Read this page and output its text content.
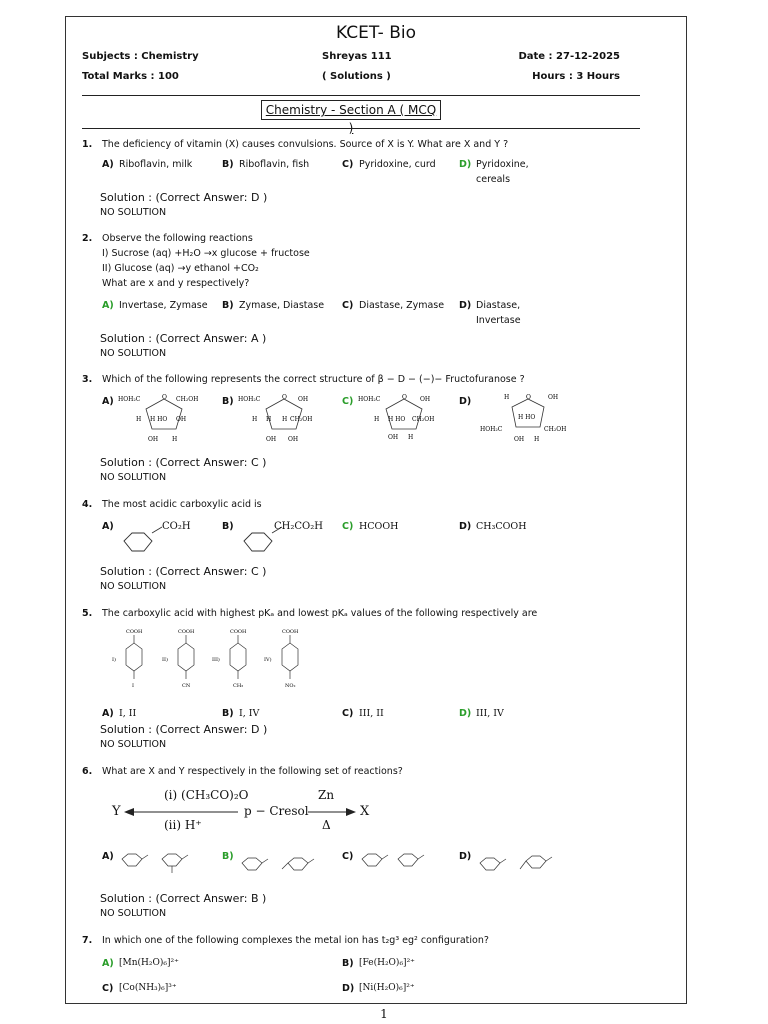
KCET- Bio
Subjects : Chemistry	Shreyas 111	Date : 27-12-2025
Total Marks : 100	( Solutions )	Hours : 3 Hours
Chemistry - Section A ( MCQ )
1. The deficiency of vitamin (X) causes convulsions. Source of X is Y. What are X and Y ?
A) Riboflavin, milk	B) Riboflavin, fish	C) Pyridoxine, curd D) Pyridoxine, cereals
Solution : (Correct Answer: D )
NO SOLUTION
2. Observe the following reactions
I) Sucrose (aq) +H₂O →x glucose + fructose
II) Glucose (aq) →y ethanol +CO₂
What are x and y respectively?
A) Invertase, Zymase B) Zymase, Diastase C) Diastase, Zymase D) Diastase, Invertase
Solution : (Correct Answer: A )
NO SOLUTION
3. Which of the following represents the correct structure of β − D − (−)− Fructofuranose ?
A)	B)	C)	D)
HOH₂C	O CH₂OH
H H HO OH
OH H
HOH₂C	O OH
H H H CH₂OH
OH OH
HOH₂C	O OH
H H HO CH₂OH
OH H
H	O	OH
H HO
HOH₂C	CH₂OH
OH H
Solution : (Correct Answer: C )
NO SOLUTION
4. The most acidic carboxylic acid is
A)	CO₂H	B)	CH₂CO₂H C) HCOOH	D) CH₃COOH
Solution : (Correct Answer: C )
NO SOLUTION
5. The carboxylic acid with highest pKₐ and lowest pKₐ values of the following respectively are
COOH
I)
I
COOH
II)
CN
COOH
III)
CH₃
COOH
IV)
NO₂
A) I, II	B) I, IV	C) III, II	D) III, IV
Solution : (Correct Answer: D )
NO SOLUTION
6. What are X and Y respectively in the following set of reactions?
Y
(i) (CH₃CO)₂O
(ii) H⁺
p − Cresol
Zn
Δ
X
A)	B)	C)	D)
Solution : (Correct Answer: B )
NO SOLUTION
7. In which one of the following complexes the metal ion has t₂g³ eg² configuration?
A) [Mn(H₂O)₆]²⁺	B) [Fe(H₂O)₆]²⁺
C) [Co(NH₃)₆]³⁺	D) [Ni(H₂O)₆]²⁺
1
